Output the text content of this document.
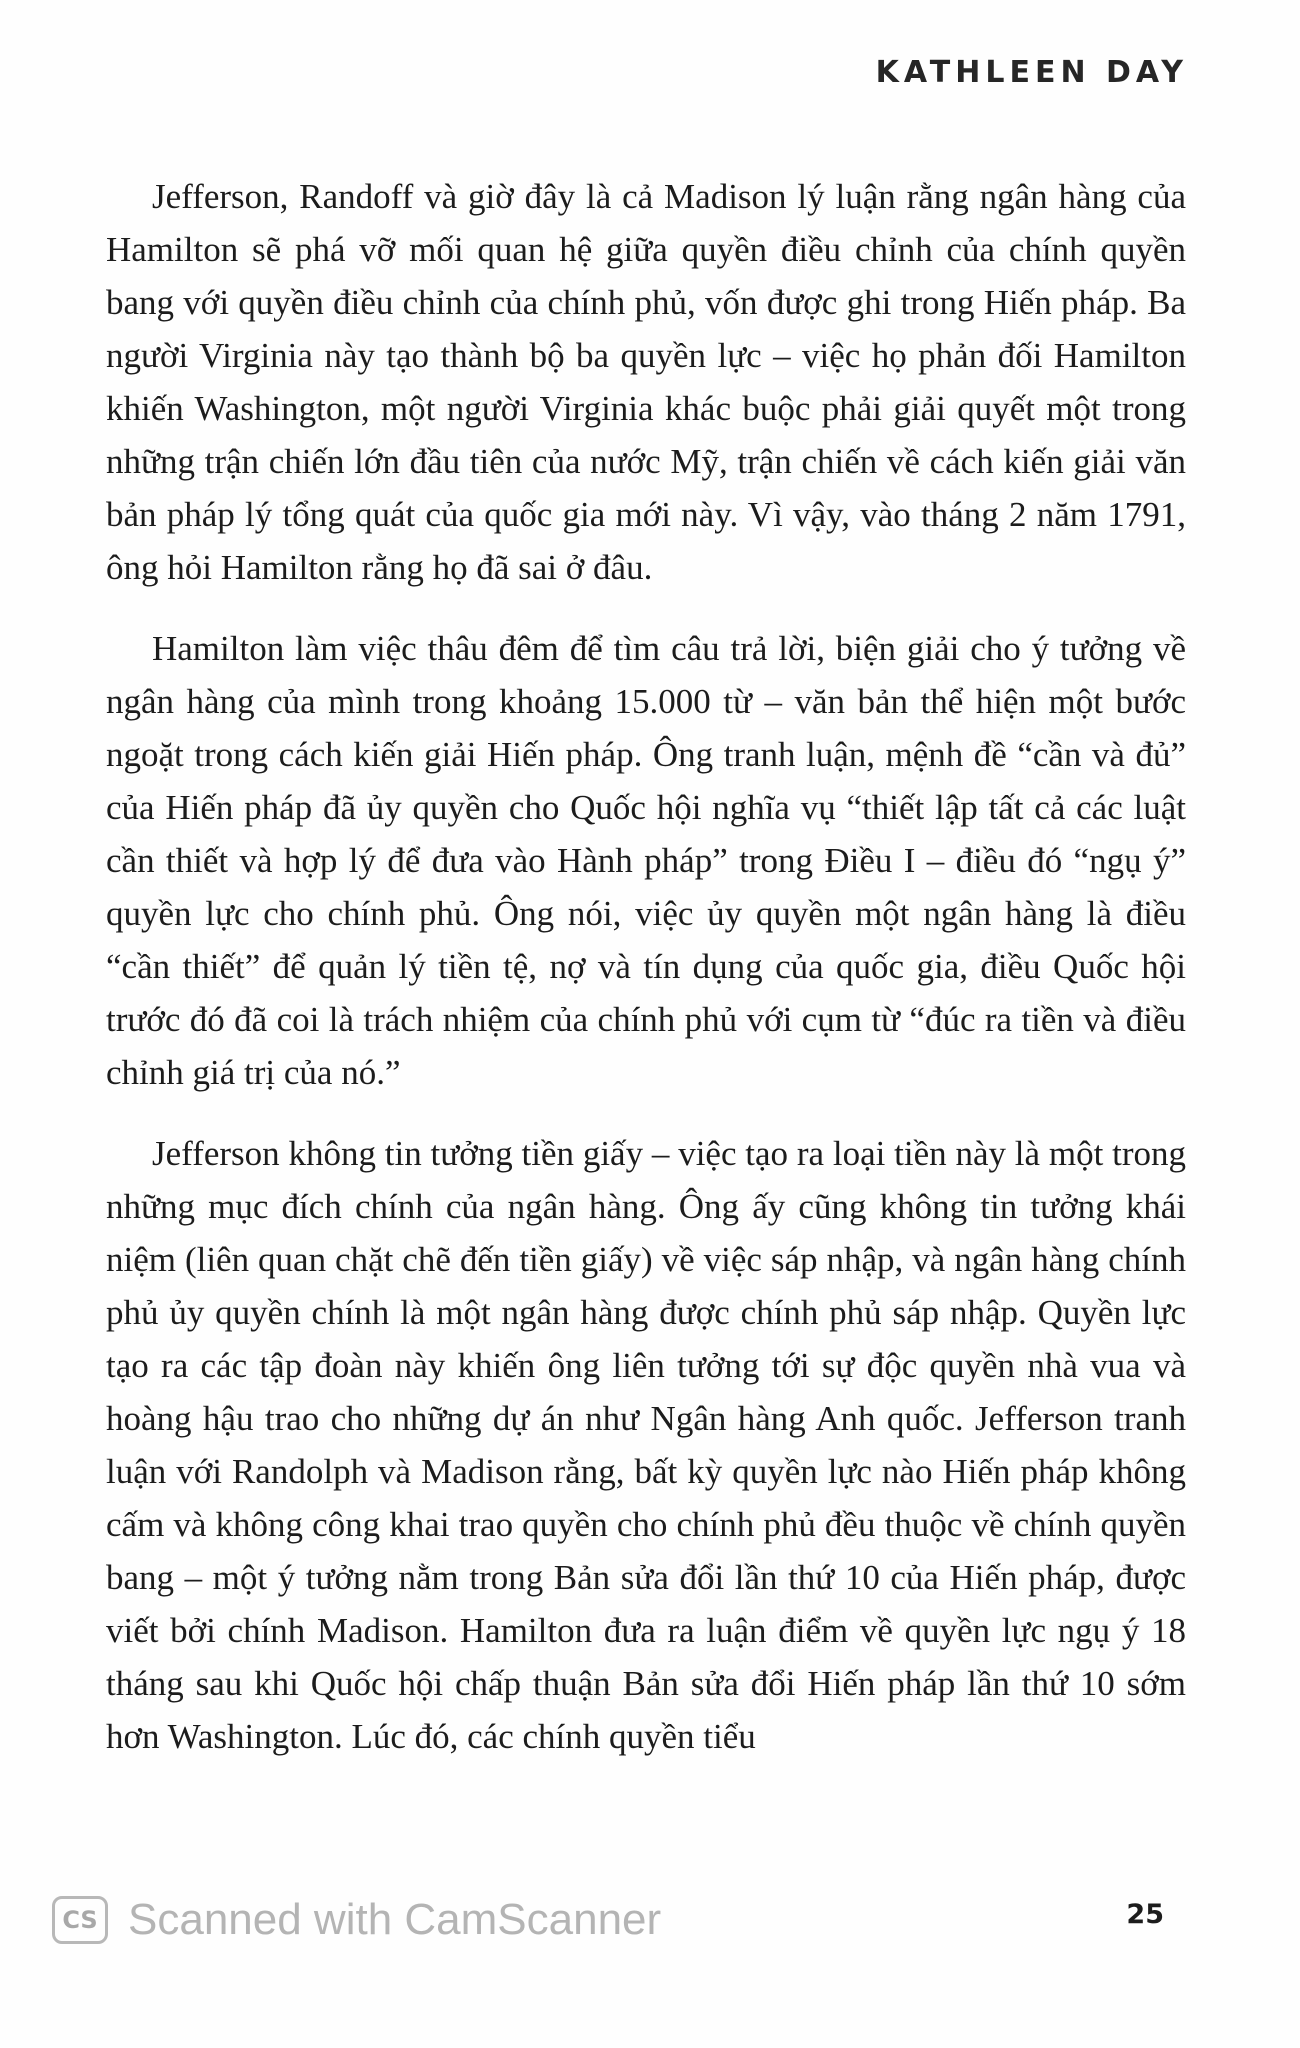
KATHLEEN DAY

Jefferson, Randoff và giờ đây là cả Madison lý luận rằng ngân hàng của Hamilton sẽ phá vỡ mối quan hệ giữa quyền điều chỉnh của chính quyền bang với quyền điều chỉnh của chính phủ, vốn được ghi trong Hiến pháp. Ba người Virginia này tạo thành bộ ba quyền lực – việc họ phản đối Hamilton khiến Washington, một người Virginia khác buộc phải giải quyết một trong những trận chiến lớn đầu tiên của nước Mỹ, trận chiến về cách kiến giải văn bản pháp lý tổng quát của quốc gia mới này. Vì vậy, vào tháng 2 năm 1791, ông hỏi Hamilton rằng họ đã sai ở đâu.

Hamilton làm việc thâu đêm để tìm câu trả lời, biện giải cho ý tưởng về ngân hàng của mình trong khoảng 15.000 từ – văn bản thể hiện một bước ngoặt trong cách kiến giải Hiến pháp. Ông tranh luận, mệnh đề “cần và đủ” của Hiến pháp đã ủy quyền cho Quốc hội nghĩa vụ “thiết lập tất cả các luật cần thiết và hợp lý để đưa vào Hành pháp” trong Điều I – điều đó “ngụ ý” quyền lực cho chính phủ. Ông nói, việc ủy quyền một ngân hàng là điều “cần thiết” để quản lý tiền tệ, nợ và tín dụng của quốc gia, điều Quốc hội trước đó đã coi là trách nhiệm của chính phủ với cụm từ “đúc ra tiền và điều chỉnh giá trị của nó.”

Jefferson không tin tưởng tiền giấy – việc tạo ra loại tiền này là một trong những mục đích chính của ngân hàng. Ông ấy cũng không tin tưởng khái niệm (liên quan chặt chẽ đến tiền giấy) về việc sáp nhập, và ngân hàng chính phủ ủy quyền chính là một ngân hàng được chính phủ sáp nhập. Quyền lực tạo ra các tập đoàn này khiến ông liên tưởng tới sự độc quyền nhà vua và hoàng hậu trao cho những dự án như Ngân hàng Anh quốc. Jefferson tranh luận với Randolph và Madison rằng, bất kỳ quyền lực nào Hiến pháp không cấm và không công khai trao quyền cho chính phủ đều thuộc về chính quyền bang – một ý tưởng nằm trong Bản sửa đổi lần thứ 10 của Hiến pháp, được viết bởi chính Madison. Hamilton đưa ra luận điểm về quyền lực ngụ ý 18 tháng sau khi Quốc hội chấp thuận Bản sửa đổi Hiến pháp lần thứ 10 sớm hơn Washington. Lúc đó, các chính quyền tiểu

CS Scanned with CamScanner	25
